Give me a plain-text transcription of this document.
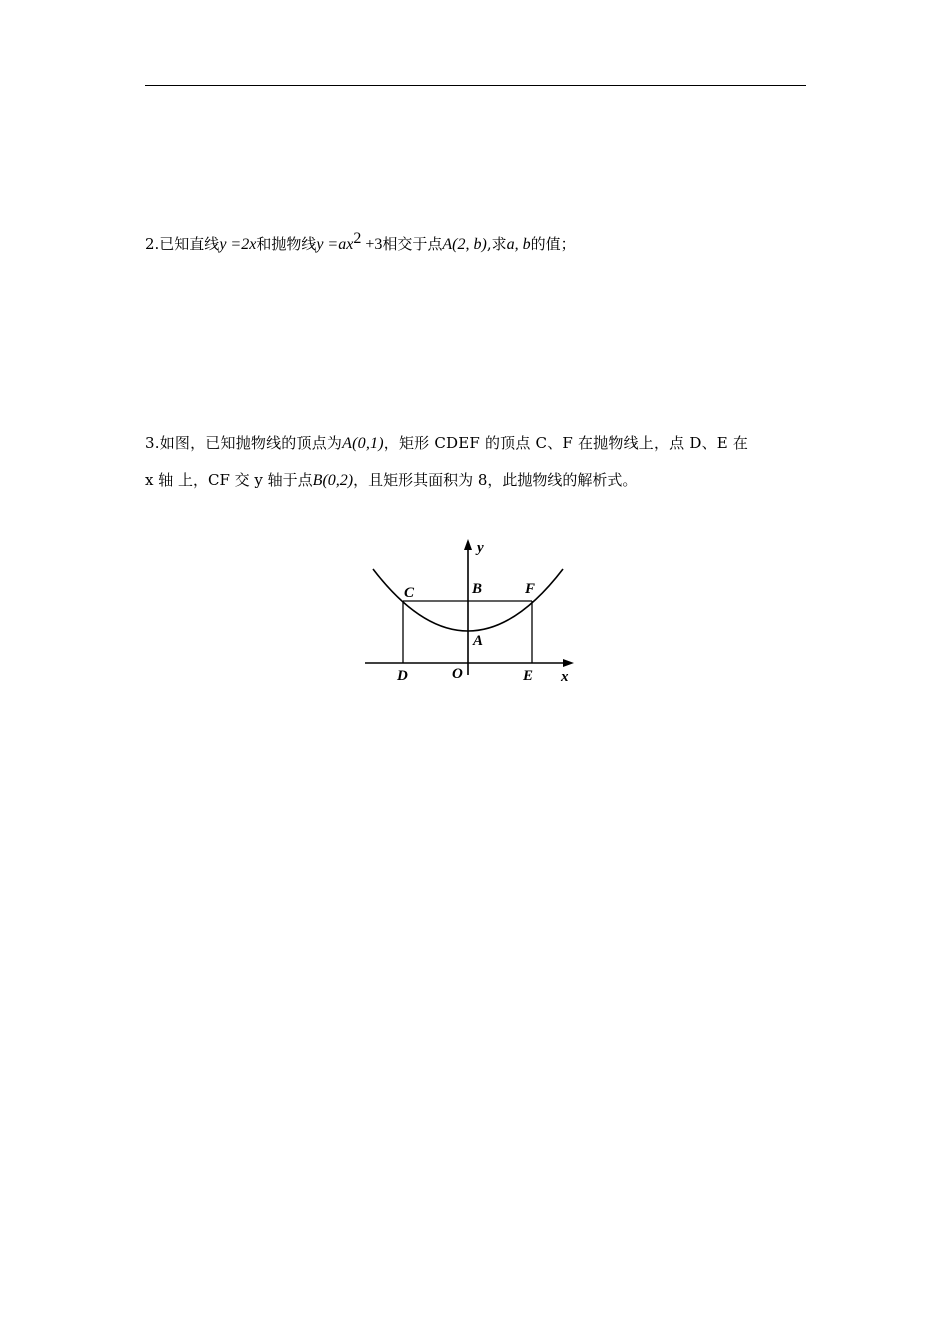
2.已知直线y =2x和抛物线$y =ax^2 +3$相交于点A(2, b),求a, b的值；
3.如图，已知抛物线的顶点为A(0,1)，矩形 CDEF 的顶点 C、F 在抛物线上，点 D、E 在
x 轴 上，CF 交 y 轴于点B(0,2)，且矩形其面积为 8，此抛物线的解析式。
y
C	B	F
A
D	O	E x
